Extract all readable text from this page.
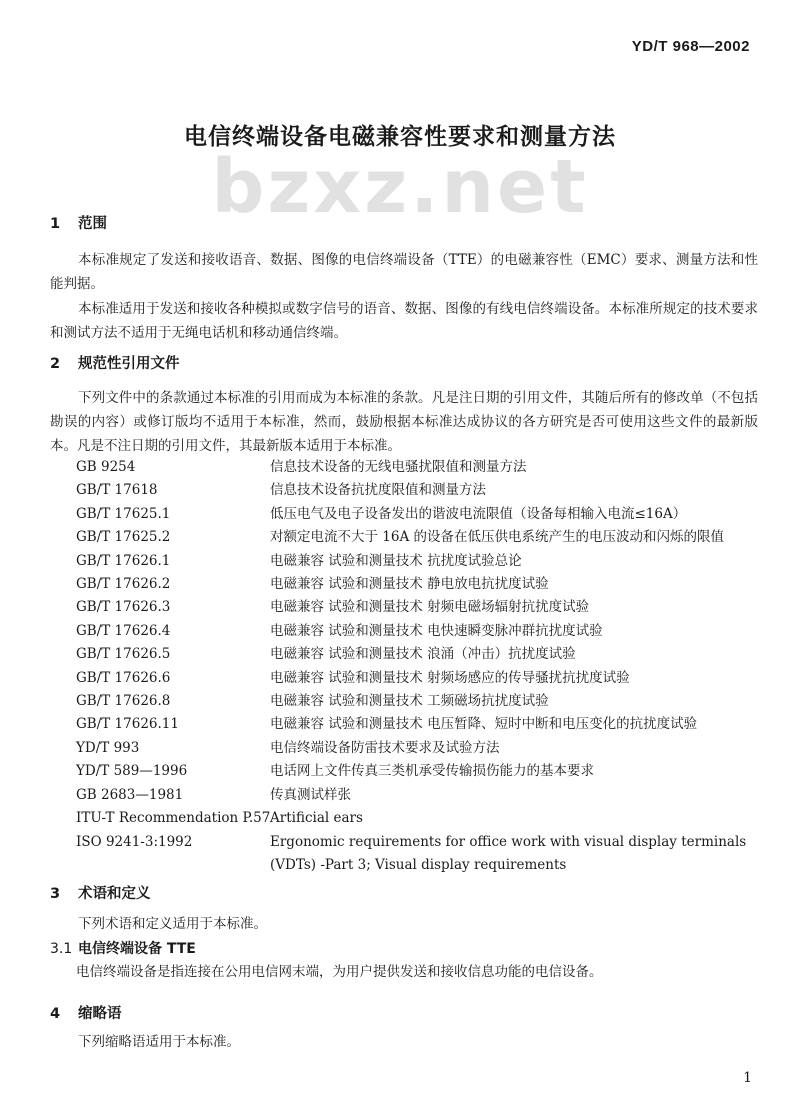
YD/T 968—2002
电信终端设备电磁兼容性要求和测量方法
bzxz.net
1 范围

本标准规定了发送和接收语音、数据、图像的电信终端设备（TTE）的电磁兼容性（EMC）要求、测量方法和性能判据。

本标准适用于发送和接收各种模拟或数字信号的语音、数据、图像的有线电信终端设备。本标准所规定的技术要求和测试方法不适用于无绳电话机和移动通信终端。

2 规范性引用文件

下列文件中的条款通过本标准的引用而成为本标准的条款。凡是注日期的引用文件，其随后所有的修改单（不包括勘误的内容）或修订版均不适用于本标准，然而，鼓励根据本标准达成协议的各方研究是否可使用这些文件的最新版本。凡是不注日期的引用文件，其最新版本适用于本标准。

GB 9254	信息技术设备的无线电骚扰限值和测量方法
GB/T 17618	信息技术设备抗扰度限值和测量方法
GB/T 17625.1	低压电气及电子设备发出的谐波电流限值（设备每相输入电流≤16A）
GB/T 17625.2	对额定电流不大于 16A 的设备在低压供电系统产生的电压波动和闪烁的限值
GB/T 17626.1	电磁兼容 试验和测量技术 抗扰度试验总论
GB/T 17626.2	电磁兼容 试验和测量技术 静电放电抗扰度试验
GB/T 17626.3	电磁兼容 试验和测量技术 射频电磁场辐射抗扰度试验
GB/T 17626.4	电磁兼容 试验和测量技术 电快速瞬变脉冲群抗扰度试验
GB/T 17626.5	电磁兼容 试验和测量技术 浪涌（冲击）抗扰度试验
GB/T 17626.6	电磁兼容 试验和测量技术 射频场感应的传导骚扰抗扰度试验
GB/T 17626.8	电磁兼容 试验和测量技术 工频磁场抗扰度试验
GB/T 17626.11	电磁兼容 试验和测量技术 电压暂降、短时中断和电压变化的抗扰度试验
YD/T 993	电信终端设备防雷技术要求及试验方法
YD/T 589—1996	电话网上文件传真三类机承受传输损伤能力的基本要求
GB 2683—1981	传真测试样张
ITU-T Recommendation P.57 Artificial ears
ISO 9241-3:1992	Ergonomic requirements for office work with visual display terminals (VDTs) -Part 3; Visual display requirements
3 术语和定义

下列术语和定义适用于本标准。

3.1 电信终端设备 TTE

电信终端设备是指连接在公用电信网末端，为用户提供发送和接收信息功能的电信设备。

4 缩略语

下列缩略语适用于本标准。

1
